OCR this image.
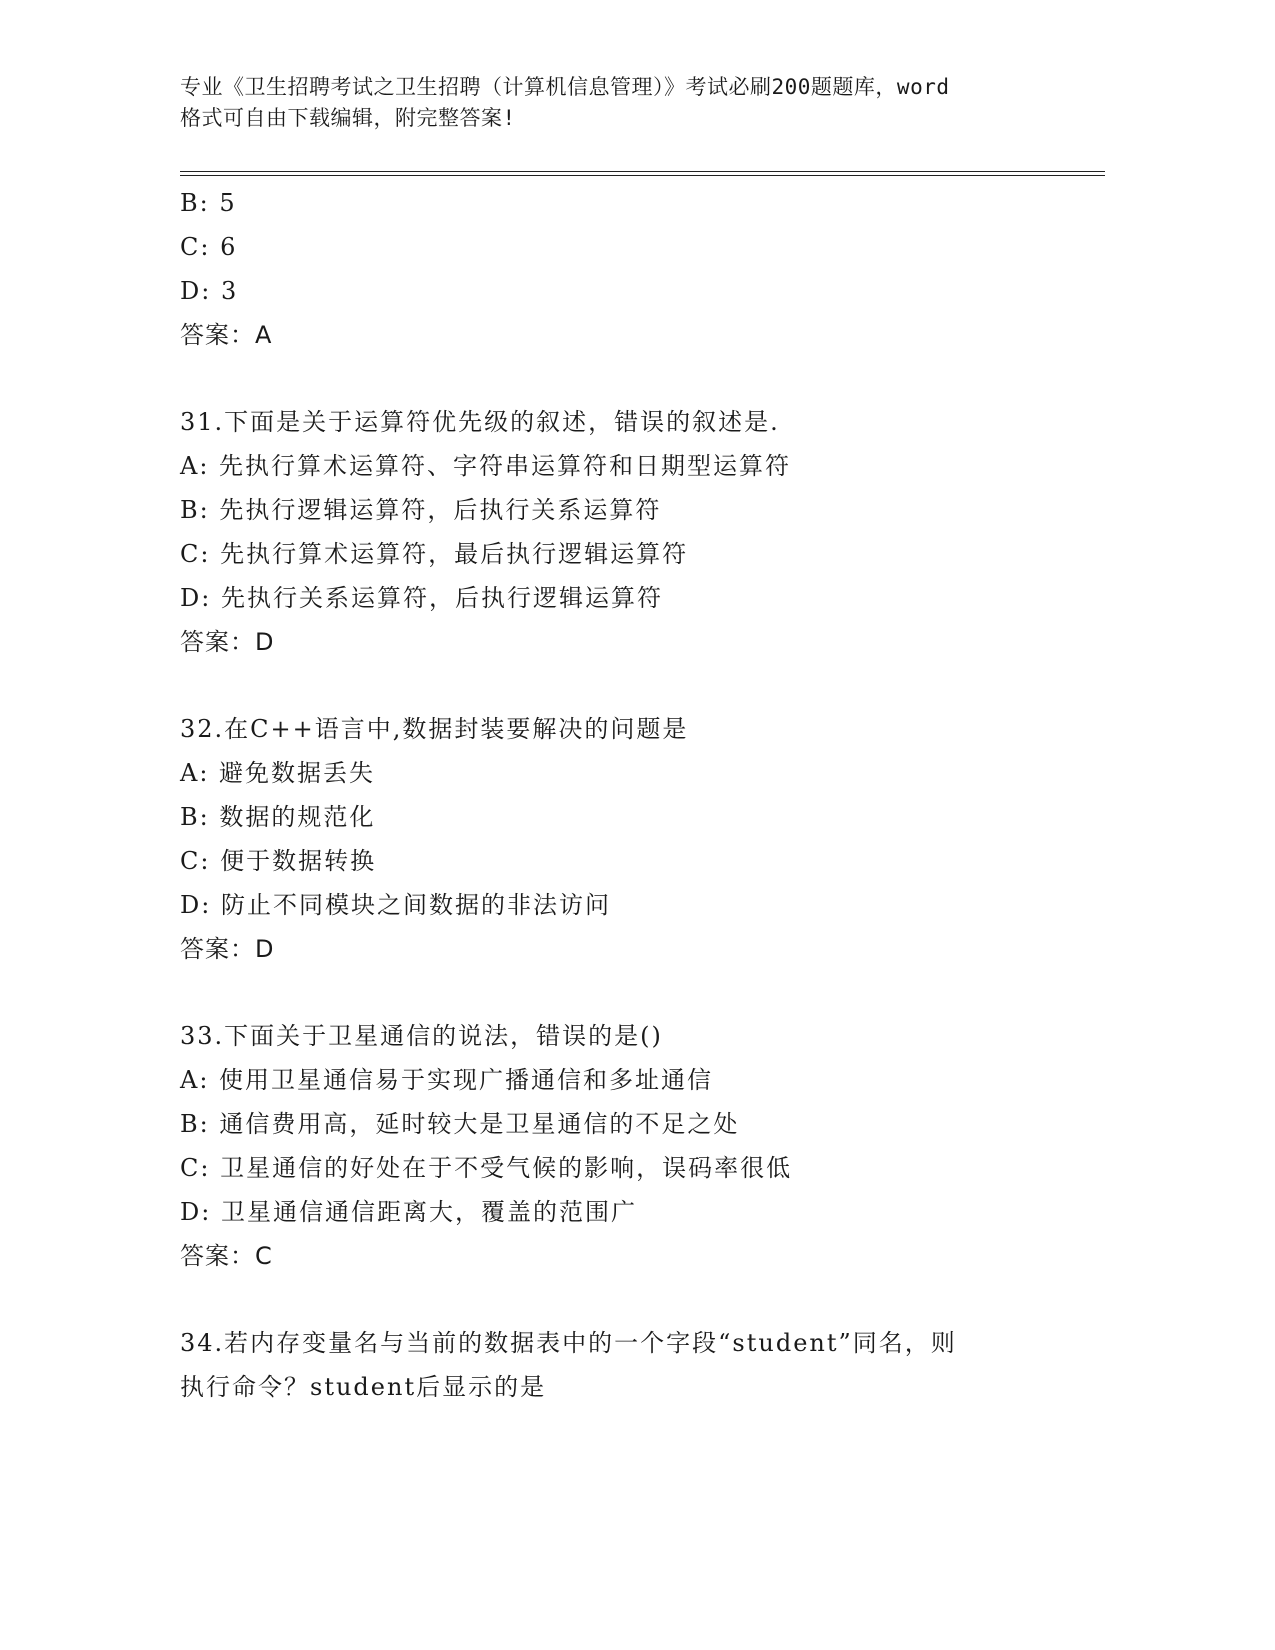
专业《卫生招聘考试之卫生招聘（计算机信息管理）》考试必刷200题题库，word
格式可自由下载编辑，附完整答案!
B: 5
C: 6
D: 3
答案：A
31.下面是关于运算符优先级的叙述，错误的叙述是.
A: 先执行算术运算符、字符串运算符和日期型运算符
B: 先执行逻辑运算符，后执行关系运算符
C: 先执行算术运算符，最后执行逻辑运算符
D: 先执行关系运算符，后执行逻辑运算符
答案：D
32.在C++语言中,数据封装要解决的问题是
A: 避免数据丢失
B: 数据的规范化
C: 便于数据转换
D: 防止不同模块之间数据的非法访问
答案：D
33.下面关于卫星通信的说法，错误的是()
A: 使用卫星通信易于实现广播通信和多址通信
B: 通信费用高，延时较大是卫星通信的不足之处
C: 卫星通信的好处在于不受气候的影响，误码率很低
D: 卫星通信通信距离大，覆盖的范围广
答案：C
34.若内存变量名与当前的数据表中的一个字段“student”同名，则
执行命令？student后显示的是
